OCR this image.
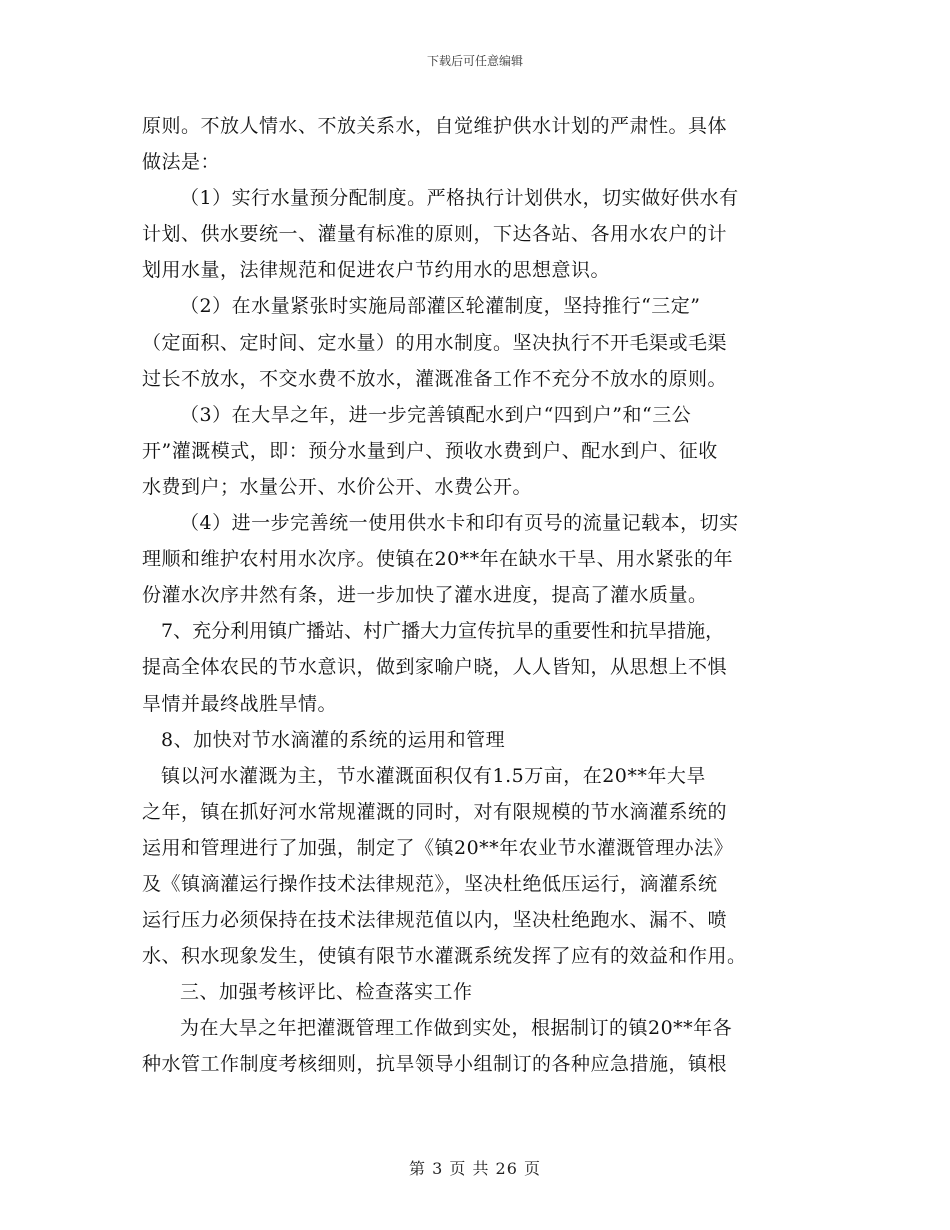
下载后可任意编辑

原则。不放人情水、不放关系水，自觉维护供水计划的严肃性。具体

做法是：

（1）实行水量预分配制度。严格执行计划供水，切实做好供水有

计划、供水要统一、灌量有标准的原则，下达各站、各用水农户的计

划用水量，法律规范和促进农户节约用水的思想意识。

（2）在水量紧张时实施局部灌区轮灌制度，坚持推行“三定”

（定面积、定时间、定水量）的用水制度。坚决执行不开毛渠或毛渠

过长不放水，不交水费不放水，灌溉准备工作不充分不放水的原则。

（3）在大旱之年，进一步完善镇配水到户“四到户”和“三公

开”灌溉模式，即：预分水量到户、预收水费到户、配水到户、征收

水费到户；水量公开、水价公开、水费公开。

（4）进一步完善统一使用供水卡和印有页号的流量记载本，切实

理顺和维护农村用水次序。使镇在20**年在缺水干旱、用水紧张的年

份灌水次序井然有条，进一步加快了灌水进度，提高了灌水质量。

7、充分利用镇广播站、村广播大力宣传抗旱的重要性和抗旱措施，

提高全体农民的节水意识，做到家喻户晓，人人皆知，从思想上不惧

旱情并最终战胜旱情。

8、加快对节水滴灌的系统的运用和管理

镇以河水灌溉为主，节水灌溉面积仅有1.5万亩，在20**年大旱

之年，镇在抓好河水常规灌溉的同时，对有限规模的节水滴灌系统的

运用和管理进行了加强，制定了《镇20**年农业节水灌溉管理办法》

及《镇滴灌运行操作技术法律规范》，坚决杜绝低压运行，滴灌系统

运行压力必须保持在技术法律规范值以内，坚决杜绝跑水、漏不、喷

水、积水现象发生，使镇有限节水灌溉系统发挥了应有的效益和作用。

三、加强考核评比、检查落实工作

为在大旱之年把灌溉管理工作做到实处，根据制订的镇20**年各

种水管工作制度考核细则，抗旱领导小组制订的各种应急措施，镇根

第 3 页 共 26 页
